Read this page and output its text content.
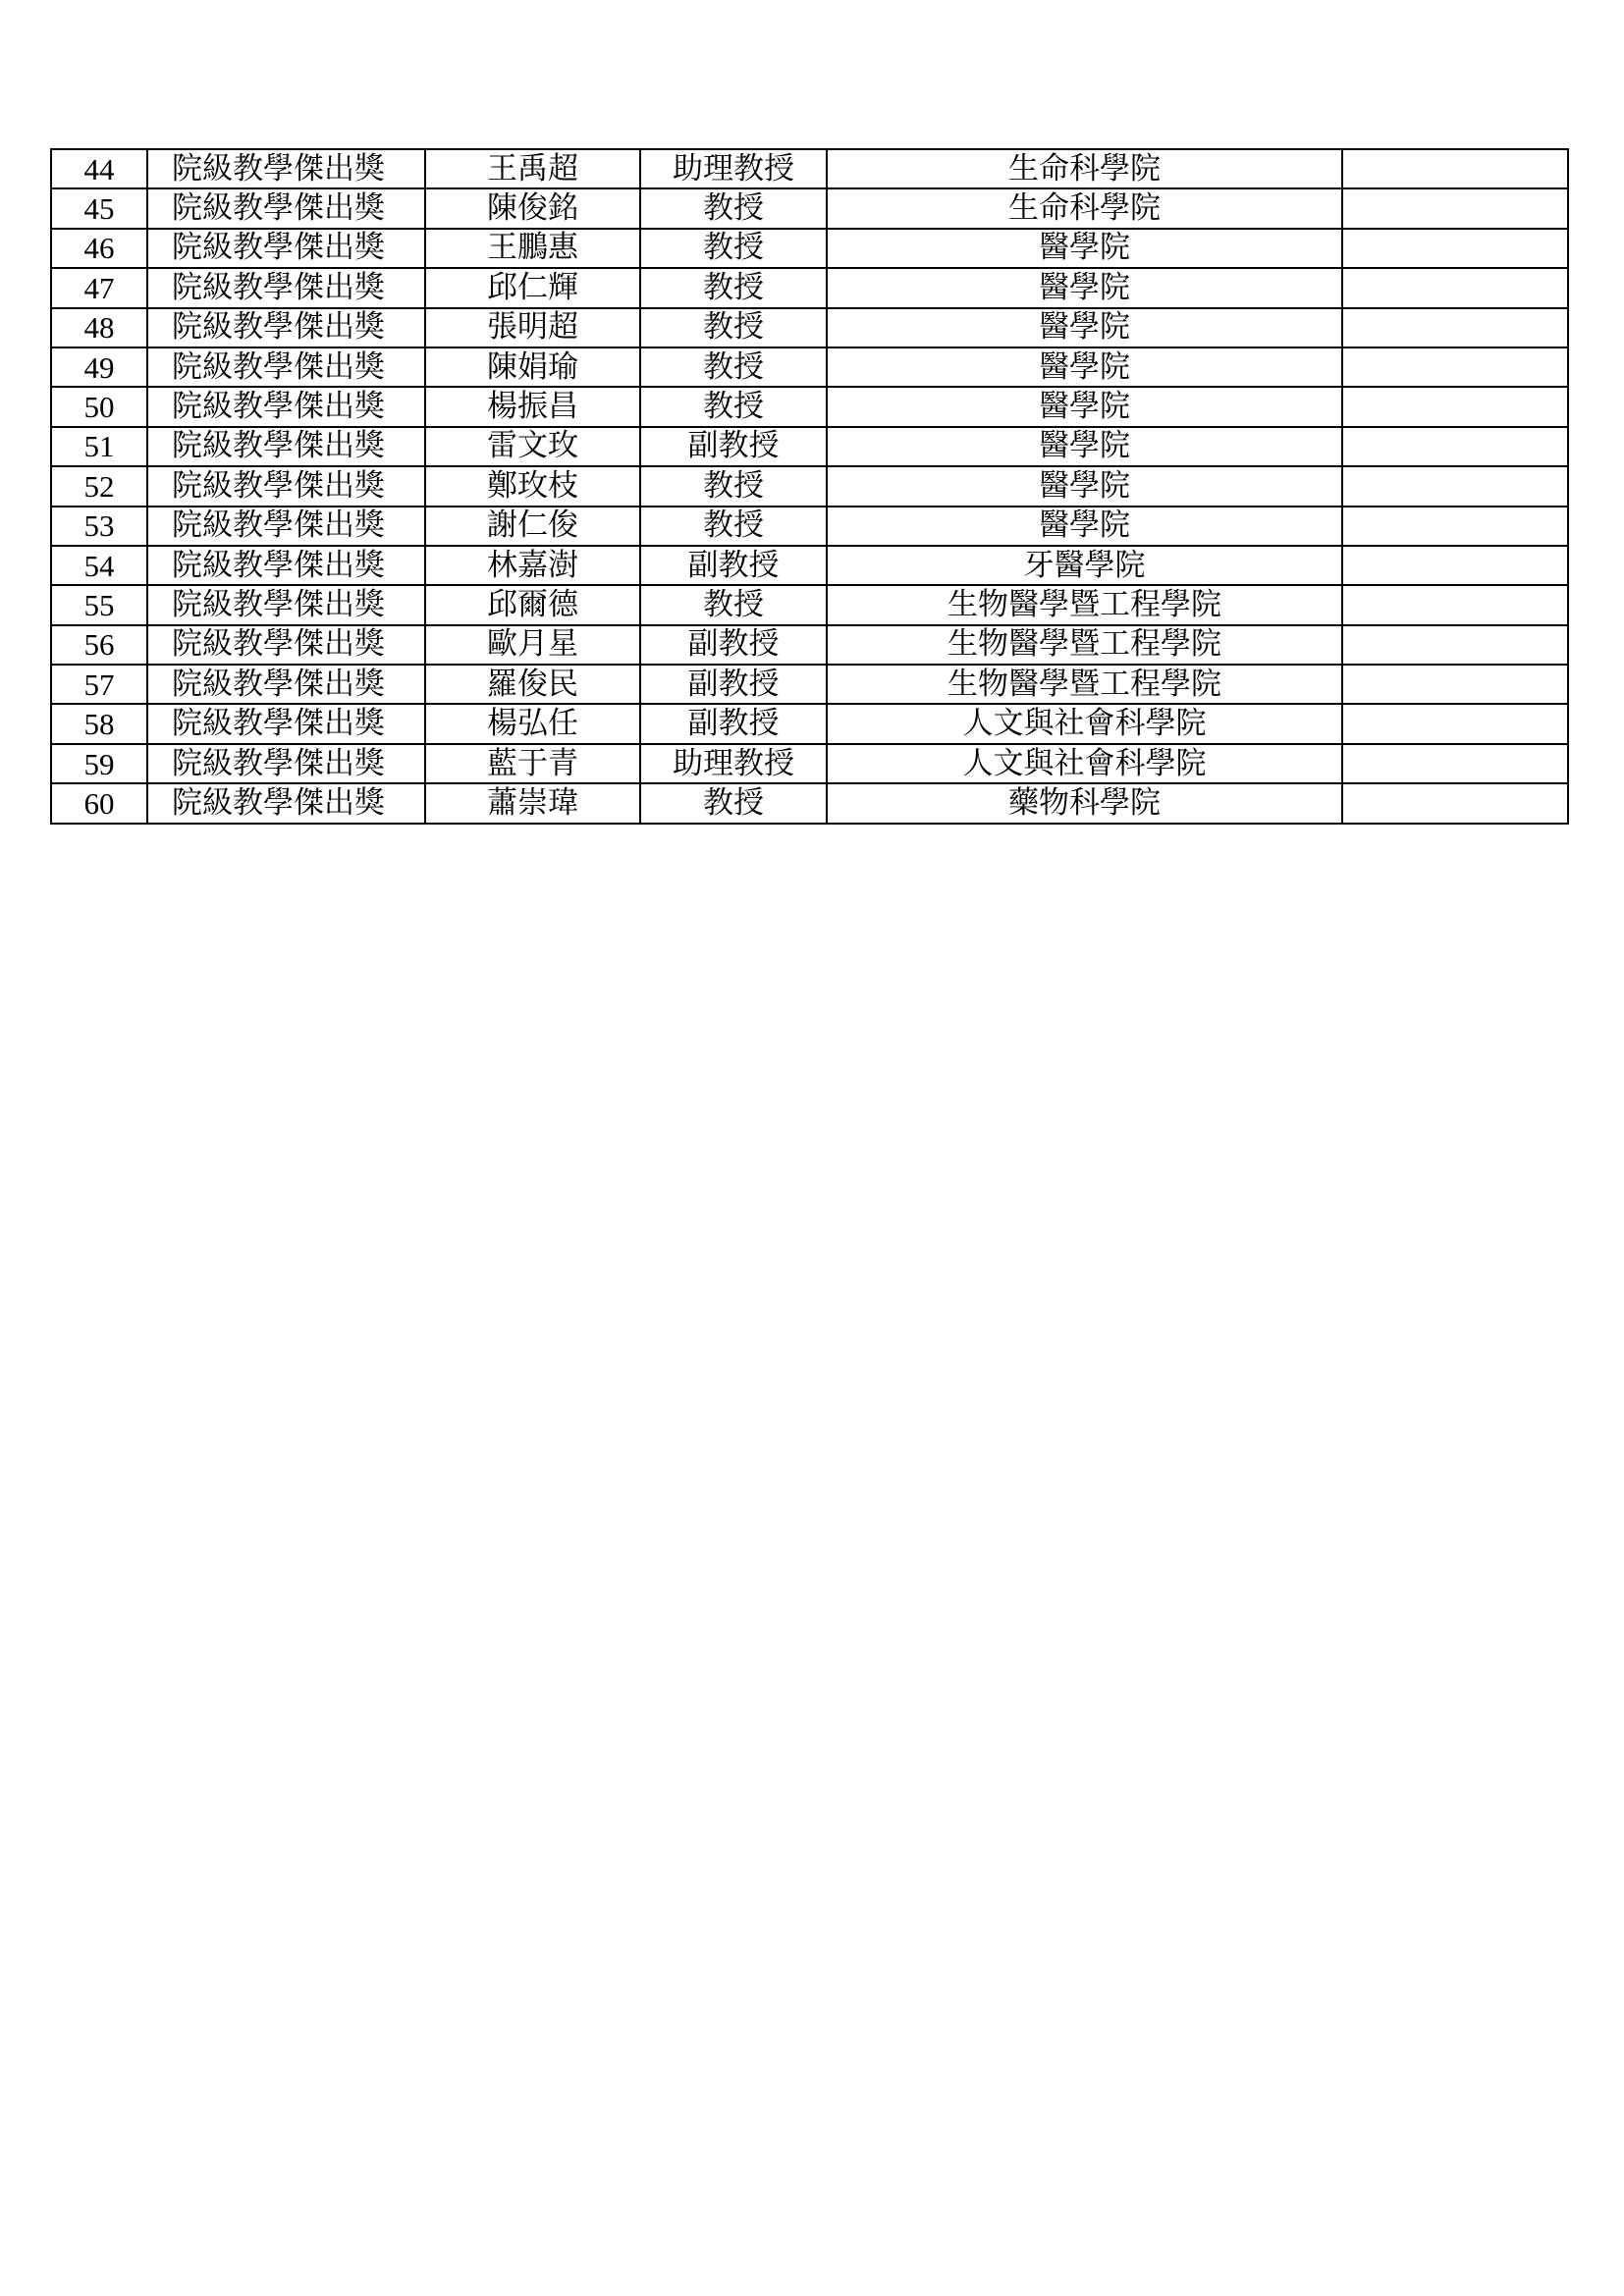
44	院級教學傑出獎	王禹超	助理教授	生命科學院	
45	院級教學傑出獎	陳俊銘	教授	生命科學院	
46	院級教學傑出獎	王鵬惠	教授	醫學院	
47	院級教學傑出獎	邱仁輝	教授	醫學院	
48	院級教學傑出獎	張明超	教授	醫學院	
49	院級教學傑出獎	陳娟瑜	教授	醫學院	
50	院級教學傑出獎	楊振昌	教授	醫學院	
51	院級教學傑出獎	雷文玫	副教授	醫學院	
52	院級教學傑出獎	鄭玫枝	教授	醫學院	
53	院級教學傑出獎	謝仁俊	教授	醫學院	
54	院級教學傑出獎	林嘉澍	副教授	牙醫學院	
55	院級教學傑出獎	邱爾德	教授	生物醫學暨工程學院	
56	院級教學傑出獎	歐月星	副教授	生物醫學暨工程學院	
57	院級教學傑出獎	羅俊民	副教授	生物醫學暨工程學院	
58	院級教學傑出獎	楊弘任	副教授	人文與社會科學院	
59	院級教學傑出獎	藍于青	助理教授	人文與社會科學院	
60	院級教學傑出獎	蕭崇瑋	教授	藥物科學院	
